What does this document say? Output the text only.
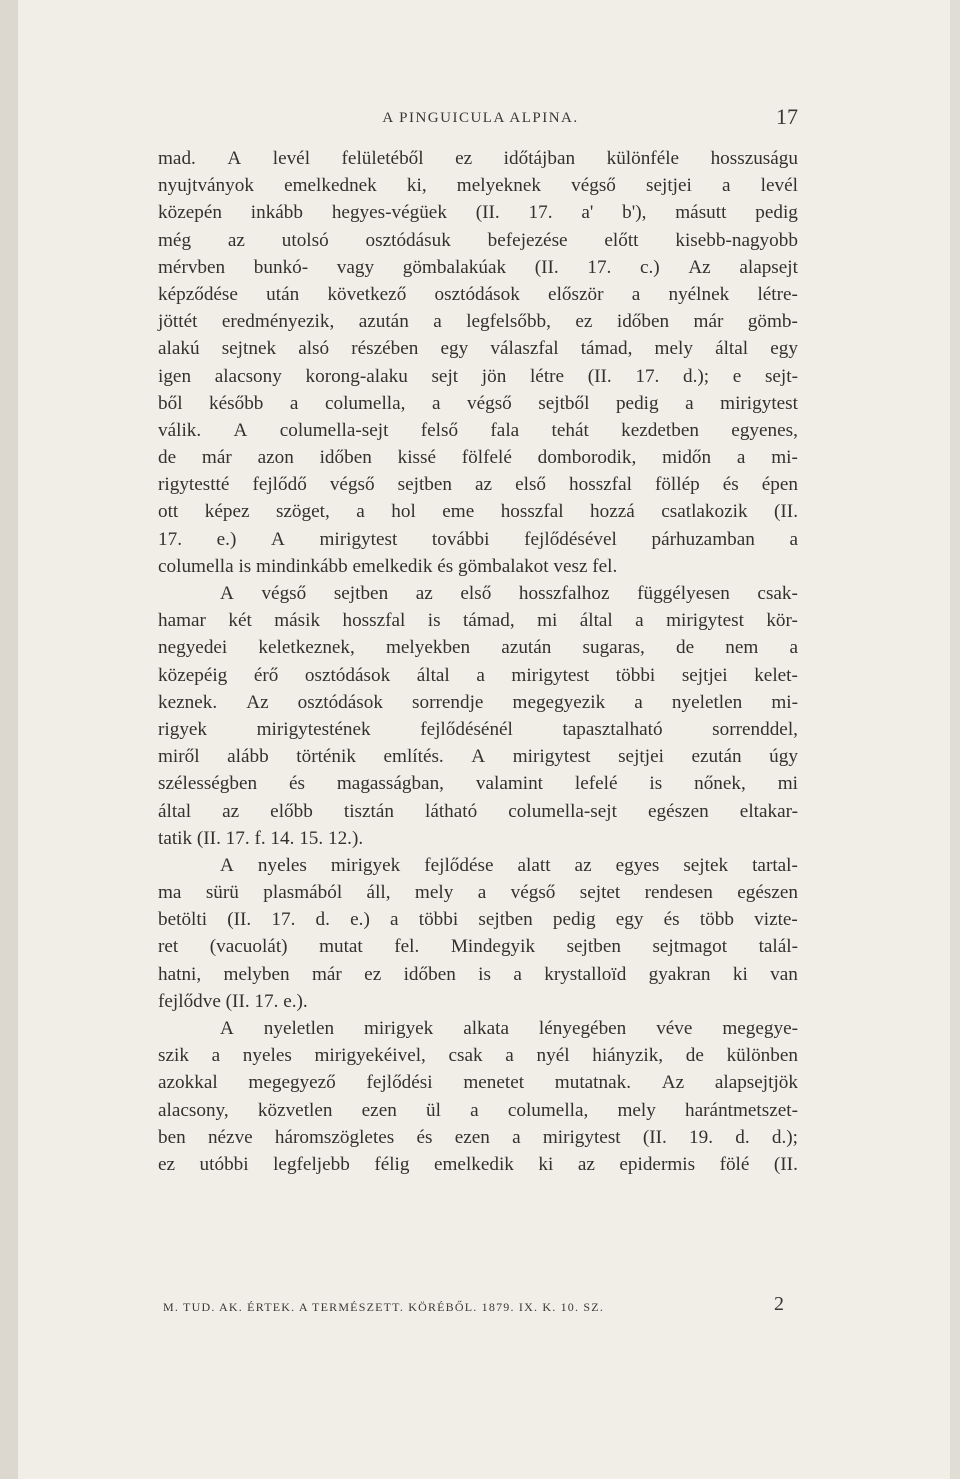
A PINGUICULA ALPINA.	17
mad. A levél felületéből ez időtájban különféle hosszuságu
nyujtványok emelkednek ki, melyeknek végső sejtjei a levél
közepén inkább hegyes-végüek (II. 17. a' b'), másutt pedig
még az utolsó osztódásuk befejezése előtt kisebb-nagyobb
mérvben bunkó- vagy gömbalakúak (II. 17. c.) Az alapsejt
képződése után következő osztódások először a nyélnek létre-
jöttét eredményezik, azután a legfelsőbb, ez időben már gömb-
alakú sejtnek alsó részében egy válaszfal támad, mely által egy
igen alacsony korong-alaku sejt jön létre (II. 17. d.); e sejt-
ből később a columella, a végső sejtből pedig a mirigytest
válik. A columella-sejt felső fala tehát kezdetben egyenes,
de már azon időben kissé fölfelé domborodik, midőn a mi-
rigytestté fejlődő végső sejtben az első hosszfal föllép és épen
ott képez szöget, a hol eme hosszfal hozzá csatlakozik (II.
17. e.) A mirigytest további fejlődésével párhuzamban a
columella is mindinkább emelkedik és gömbalakot vesz fel.
A végső sejtben az első hosszfalhoz függélyesen csak-
hamar két másik hosszfal is támad, mi által a mirigytest kör-
negyedei keletkeznek, melyekben azután sugaras, de nem a
közepéig érő osztódások által a mirigytest többi sejtjei kelet-
keznek. Az osztódások sorrendje megegyezik a nyeletlen mi-
rigyek	mirigytestének	fejlődésénél	tapasztalható	sorrenddel,
miről alább történik említés. A mirigytest sejtjei ezután úgy
szélességben és magasságban, valamint lefelé is nőnek, mi
által az előbb tisztán látható columella-sejt egészen eltakar-
tatik (II. 17. f. 14. 15. 12.).
A nyeles mirigyek fejlődése alatt az egyes sejtek tartal-
ma sürü plasmából áll, mely a végső sejtet rendesen egészen
betölti (II. 17. d. e.) a többi sejtben pedig egy és több vizte-
ret (vacuolát) mutat fel. Mindegyik sejtben sejtmagot talál-
hatni, melyben már ez időben is a krystalloïd gyakran ki van
fejlődve (II. 17. e.).
A nyeletlen mirigyek alkata lényegében véve megegye-
szik a nyeles mirigyekéivel, csak a nyél hiányzik, de különben
azokkal megegyező fejlődési menetet mutatnak. Az alapsejtjök
alacsony, közvetlen ezen ül a columella, mely harántmetszet-
ben nézve háromszögletes és ezen a mirigytest (II. 19. d. d.);
ez utóbbi legfeljebb félig emelkedik ki az epidermis fölé (II.
M. TUD. AK. ÉRTEK. A TERMÉSZETT. KÖRÉBŐL. 1879. IX. K. 10. SZ.	2
